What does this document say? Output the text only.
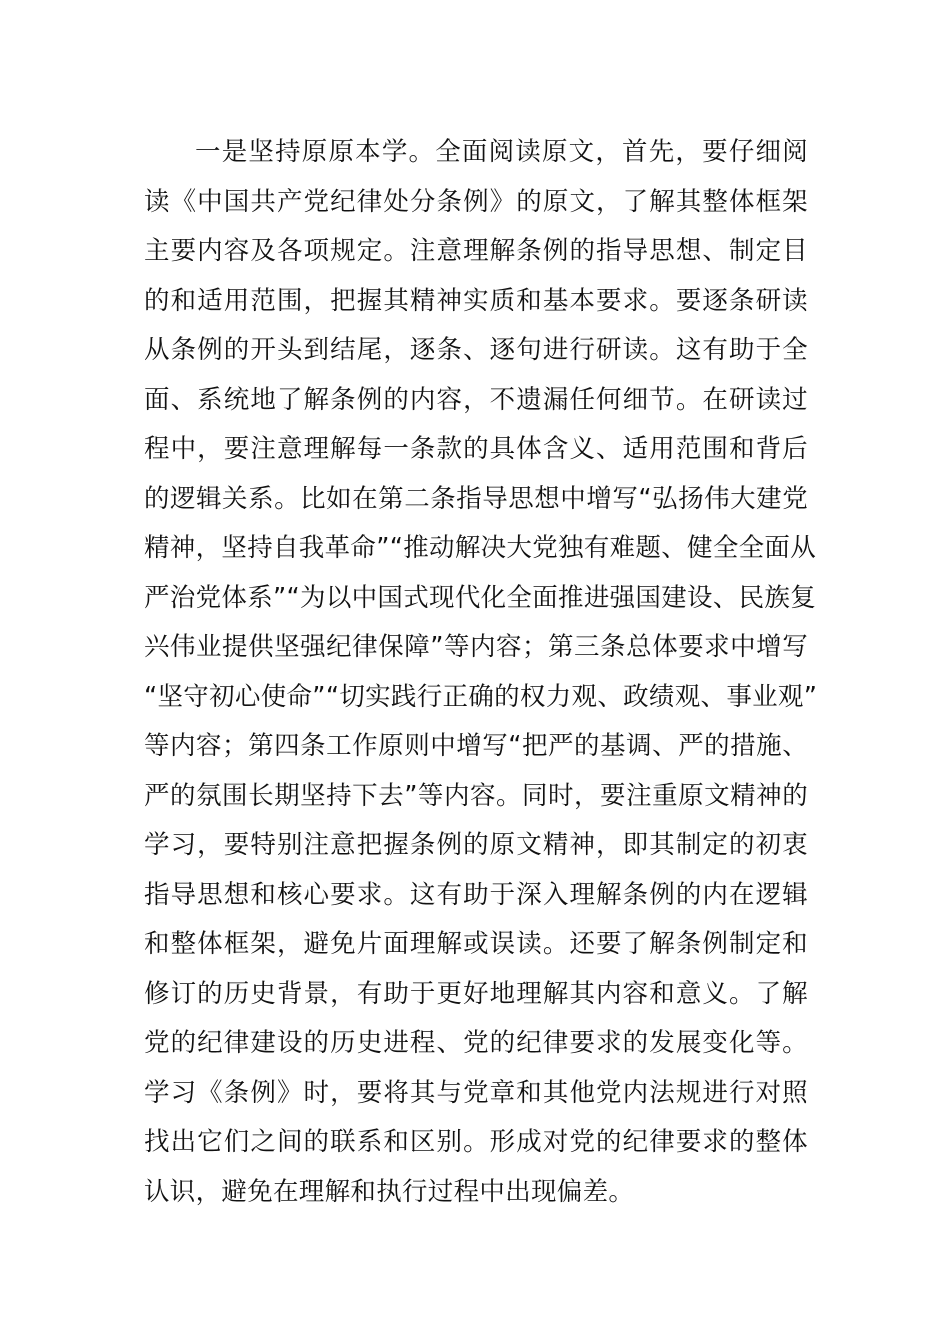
一是坚持原原本学。全面阅读原文，首先，要仔细阅
读《中国共产党纪律处分条例》的原文，了解其整体框架
主要内容及各项规定。注意理解条例的指导思想、制定目
的和适用范围，把握其精神实质和基本要求。要逐条研读
从条例的开头到结尾，逐条、逐句进行研读。这有助于全
面、系统地了解条例的内容，不遗漏任何细节。在研读过
程中，要注意理解每一条款的具体含义、适用范围和背后
的逻辑关系。比如在第二条指导思想中增写“弘扬伟大建党
精神，坚持自我革命”“推动解决大党独有难题、健全全面从
严治党体系”“为以中国式现代化全面推进强国建设、民族复
兴伟业提供坚强纪律保障”等内容；第三条总体要求中增写
“坚守初心使命”“切实践行正确的权力观、政绩观、事业观”
等内容；第四条工作原则中增写“把严的基调、严的措施、
严的氛围长期坚持下去”等内容。同时，要注重原文精神的
学习，要特别注意把握条例的原文精神，即其制定的初衷
指导思想和核心要求。这有助于深入理解条例的内在逻辑
和整体框架，避免片面理解或误读。还要了解条例制定和
修订的历史背景，有助于更好地理解其内容和意义。了解
党的纪律建设的历史进程、党的纪律要求的发展变化等。
学习《条例》时，要将其与党章和其他党内法规进行对照
找出它们之间的联系和区别。形成对党的纪律要求的整体
认识，避免在理解和执行过程中出现偏差。
